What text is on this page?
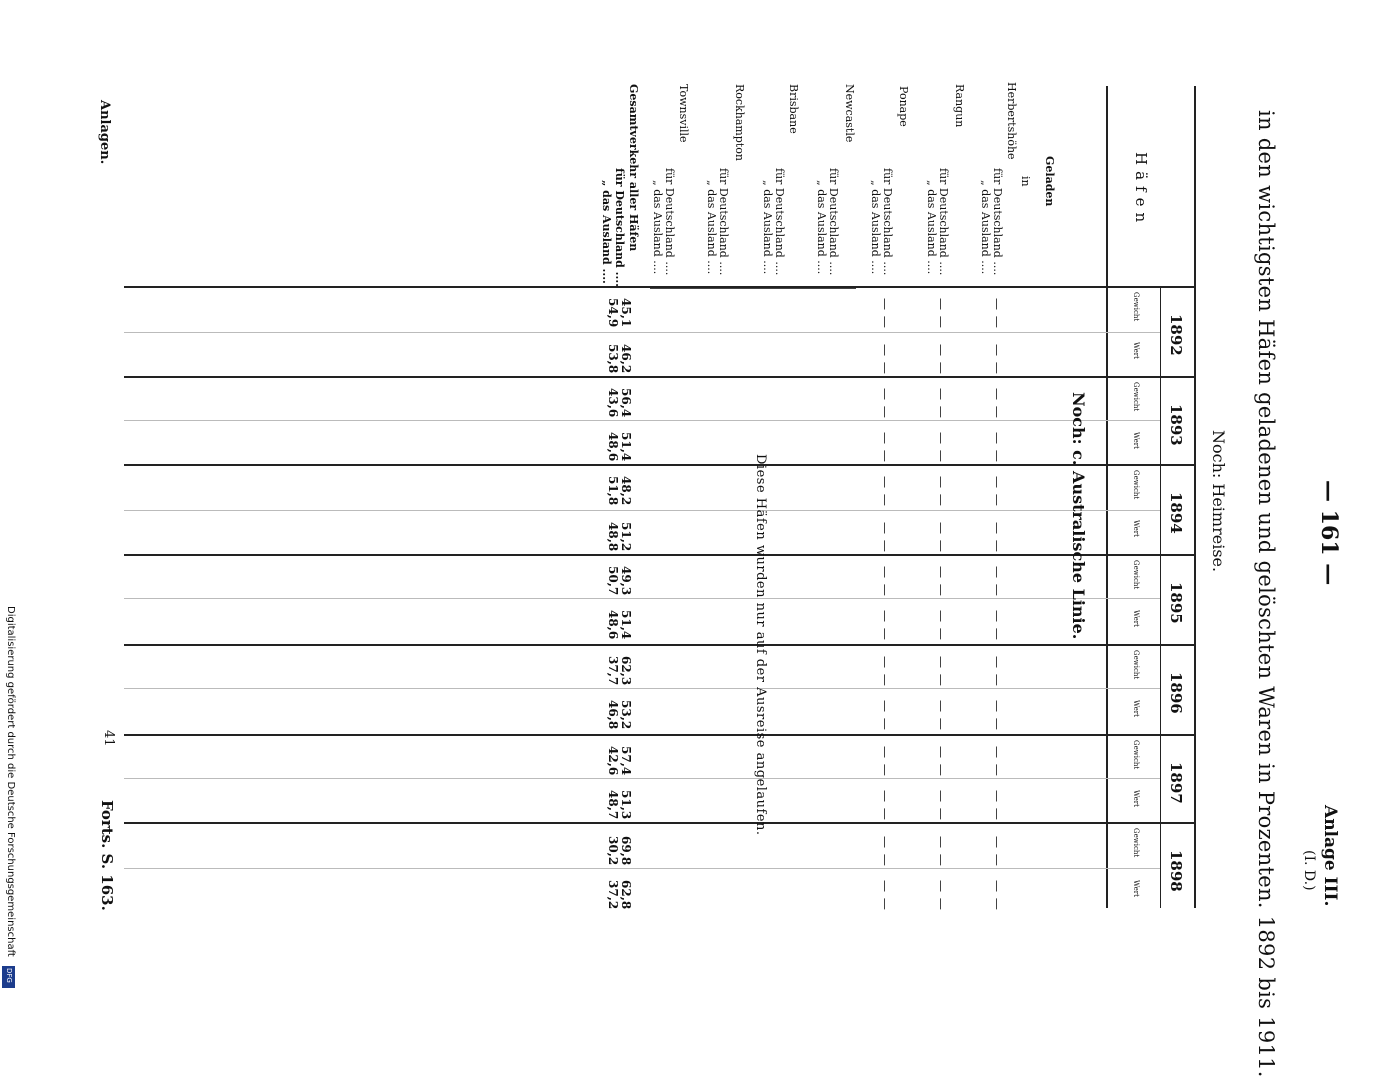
— 161 —
Anlage III.
(I. D.)
in den wichtigsten Häfen geladenen und gelöschten Waren in Prozenten. 1892 bis 1911.
Noch: Heimreise.
Häfen
1892
1893
1894
1895
1896
1897
1898
Gewicht
Wert
Gewicht
Wert
Gewicht
Wert
Gewicht
Wert
Gewicht
Wert
Gewicht
Wert
Gewicht
Wert
Noch: c. Australische Linie.
Geladen
in
Herbertshöhe
für Deutschland ....
„ das Ausland ....
Rangun
für Deutschland ....
„ das Ausland ....
Ponape
für Deutschland ....
„ das Ausland ....
Newcastle
für Deutschland ....
„ das Ausland ....
Brisbane
für Deutschland ....
„ das Ausland ....
Rockhampton
für Deutschland ....
„ das Ausland ....
Townsville
für Deutschland ....
„ das Ausland ....
Gesamtverkehr aller Häfen
für Deutschland ....
„ das Ausland ....
— —
— —
— —
— —
— —
— —
— —
— —
— —
— —
— —
— —
— —
— —
— —
— —
— —
— —
— —
— —
— —
— —
— —
— —
— —
— —
— —
— —
— —
— —
— —
— —
— —
— —
— —
— —
— —
— —
— —
— —
— —
— —
Diese Häfen wurden nur auf der Ausreise angelaufen.
45,1
54,9
46,2
53,8
56,4
43,6
51,4
48,6
48,2
51,8
51,2
48,8
49,3
50,7
51,4
48,6
62,3
37,7
53,2
46,8
57,4
42,6
51,3
48,7
69,8
30,2
62,8
37,2
Anlagen.
41
Forts. S. 163.
Digitalisierung gefördert durch die Deutsche Forschungsgemeinschaft
DFG
